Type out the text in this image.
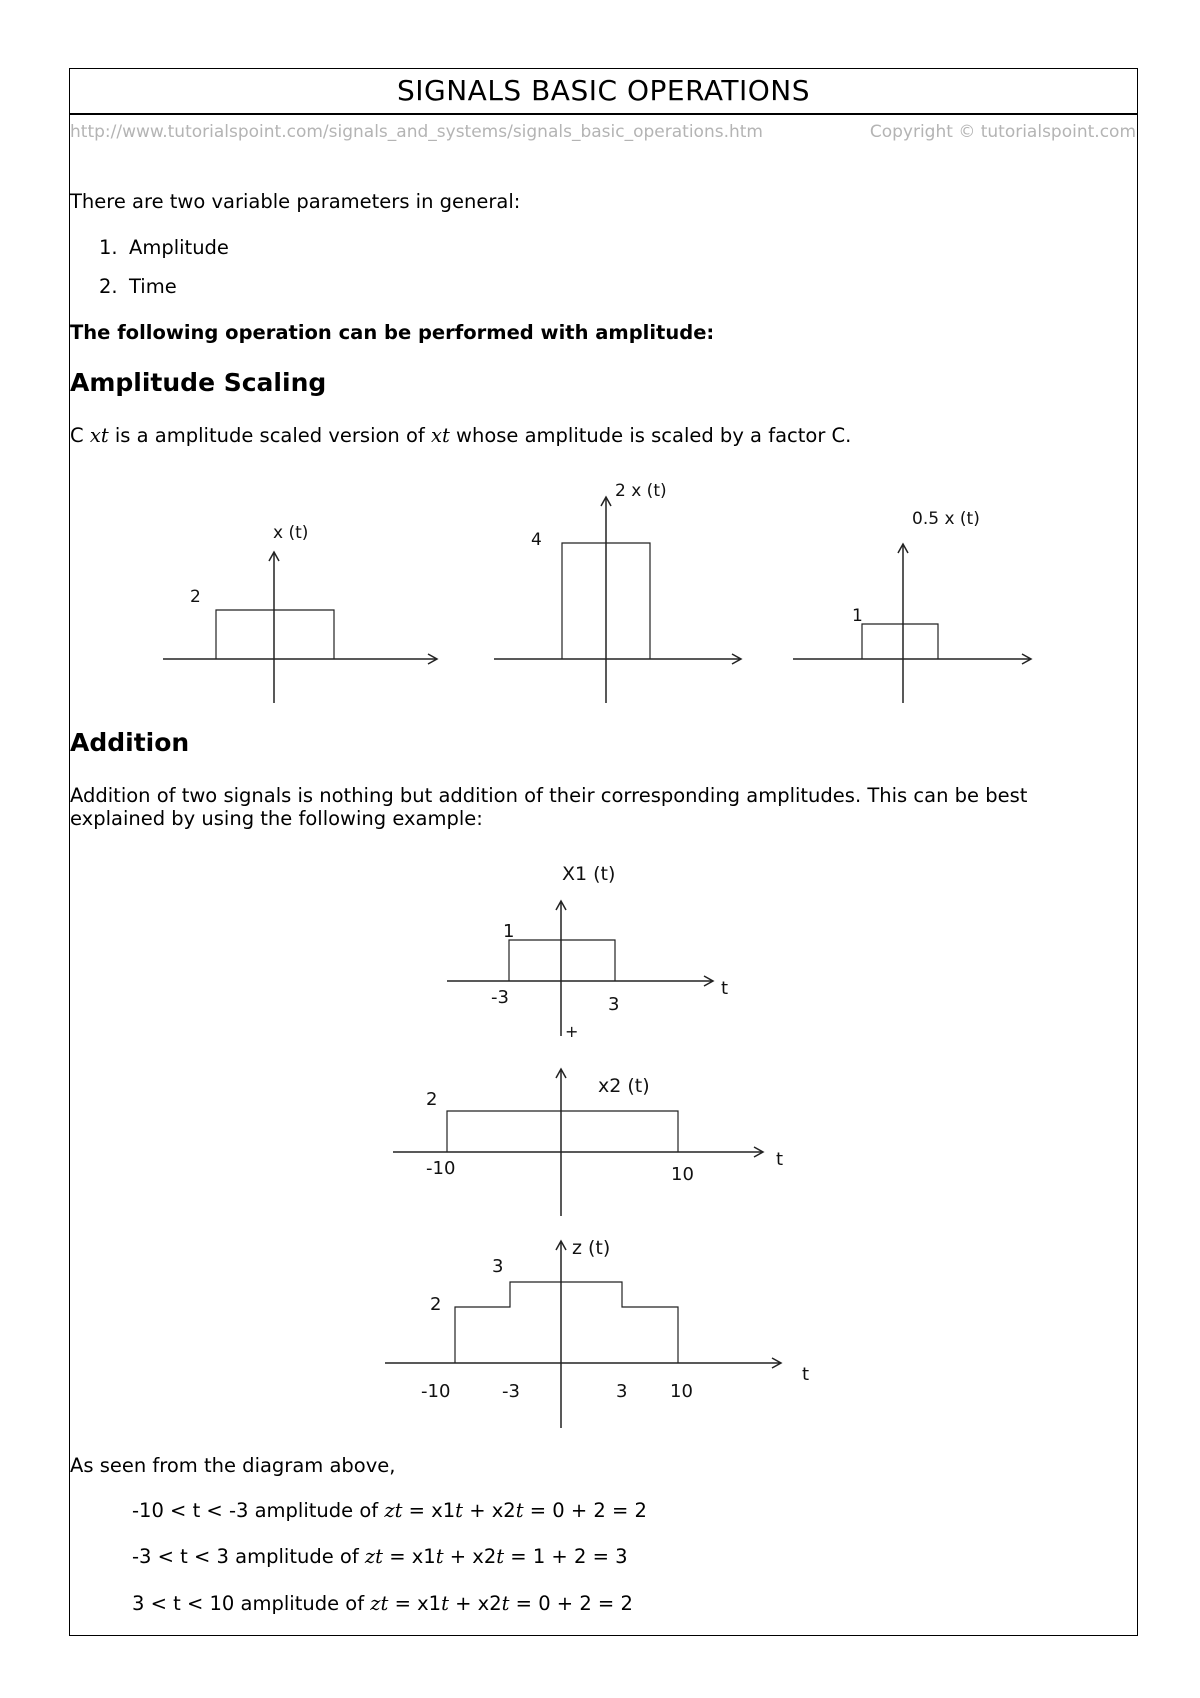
SIGNALS BASIC OPERATIONS
http://www.tutorialspoint.com/signals_and_systems/signals_basic_operations.htm	Copyright © tutorialspoint.com
There are two variable parameters in general:
1. Amplitude
2. Time
The following operation can be performed with amplitude:
Amplitude Scaling
C xt is a amplitude scaled version of xt whose amplitude is scaled by a factor C.
x (t)
2
2 x (t)
4
0.5 x (t)
1
Addition
Addition of two signals is nothing but addition of their corresponding amplitudes. This can be best
explained by using the following example:
X1 (t)
1
-3	3
t
+
x2 (t)
2
-10	10
t
z (t)
2
3
-10	-3	3 10
t
As seen from the diagram above,
-10 < t < -3 amplitude of zt = x1t + x2t = 0 + 2 = 2
-3 < t < 3 amplitude of zt = x1t + x2t = 1 + 2 = 3
3 < t < 10 amplitude of zt = x1t + x2t = 0 + 2 = 2
